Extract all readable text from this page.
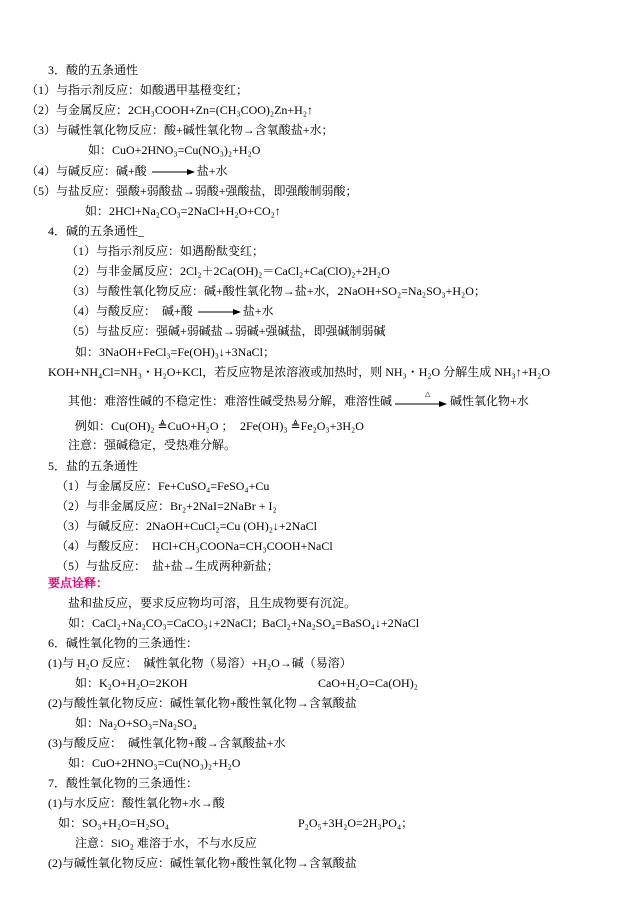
3．酸的五条通性
（1）与指示剂反应：如酸遇甲基橙变红；
（2）与金属反应：2CH₃COOH+Zn=(CH₃COO)₂Zn+H₂↑
（3）与碱性氧化物反应：酸+碱性氧化物→含氧酸盐+水；
如：CuO+2HNO₃=Cu(NO₃)₂+H₂O
（4）与碱反应：碱+酸 → 盐+水
（5）与盐反应：强酸+弱酸盐→弱酸+强酸盐，即强酸制弱酸；
如：2HCl+Na₂CO₃=2NaCl+H₂O+CO₂↑
4．碱的五条通性_
（1）与指示剂反应：如遇酚酞变红；
（2）与非金属反应：2Cl₂＋2Ca(OH)₂＝CaCl₂+Ca(ClO)₂+2H₂O
（3）与酸性氧化物反应：碱+酸性氧化物→盐+水，2NaOH+SO₂=Na₂SO₃+H₂O；
（4）与酸反应：  碱+酸 → 盐+水
（5）与盐反应：强碱+弱碱盐→弱碱+强碱盐，即强碱制弱碱
如：3NaOH+FeCl₃=Fe(OH)₃↓+3NaCl；
KOH+NH₄Cl=NH₃・H₂O+KCl，若反应物是浓溶液或加热时，则 NH₃・H₂O 分解生成 NH₃↑+H₂O
其他：难溶性碱的不稳定性：难溶性碱受热易分解，难溶性碱	△ 碱性氧化物+水
例如：Cu(OH)₂ ≜CuO+H₂O ； 2Fe(OH)₃ ≜Fe₂O₃+3H₂O
注意：强碱稳定，受热难分解。
5．盐的五条通性
（1）与金属反应：Fe+CuSO₄=FeSO₄+Cu
（2）与非金属反应：Br₂+2NaI=2NaBr + I₂
（3）与碱反应：2NaOH+CuCl₂=Cu (OH)₂↓+2NaCl
（4）与酸反应：  HCl+CH₃COONa=CH₃COOH+NaCl
（5）与盐反应：  盐+盐→生成两种新盐；
要点诠释：
盐和盐反应，要求反应物均可溶，且生成物要有沉淀。
如：CaCl₂+Na₂CO₃=CaCO₃↓+2NaCl；
BaCl₂+Na₂SO₄=BaSO₄↓+2NaCl
6．碱性氧化物的三条通性：
(1)与 H₂O 反应：  碱性氧化物（易溶）+H₂O→碱（易溶）
如：K₂O+H₂O=2KOH	CaO+H₂O=Ca(OH)₂
(2)与酸性氧化物反应：碱性氧化物+酸性氧化物→含氧酸盐
如：Na₂O+SO₃=Na₂SO₄
(3)与酸反应：  碱性氧化物+酸→含氧酸盐+水
如：CuO+2HNO₃=Cu(NO₃)₂+H₂O
7．酸性氧化物的三条通性：
(1)与水反应：酸性氧化物+水→酸
如：SO₃+H₂O=H₂SO₄	P₂O₅+3H₂O=2H₃PO₄；
注意：SiO₂ 难溶于水，不与水反应
(2)与碱性氧化物反应：碱性氧化物+酸性氧化物→含氧酸盐
